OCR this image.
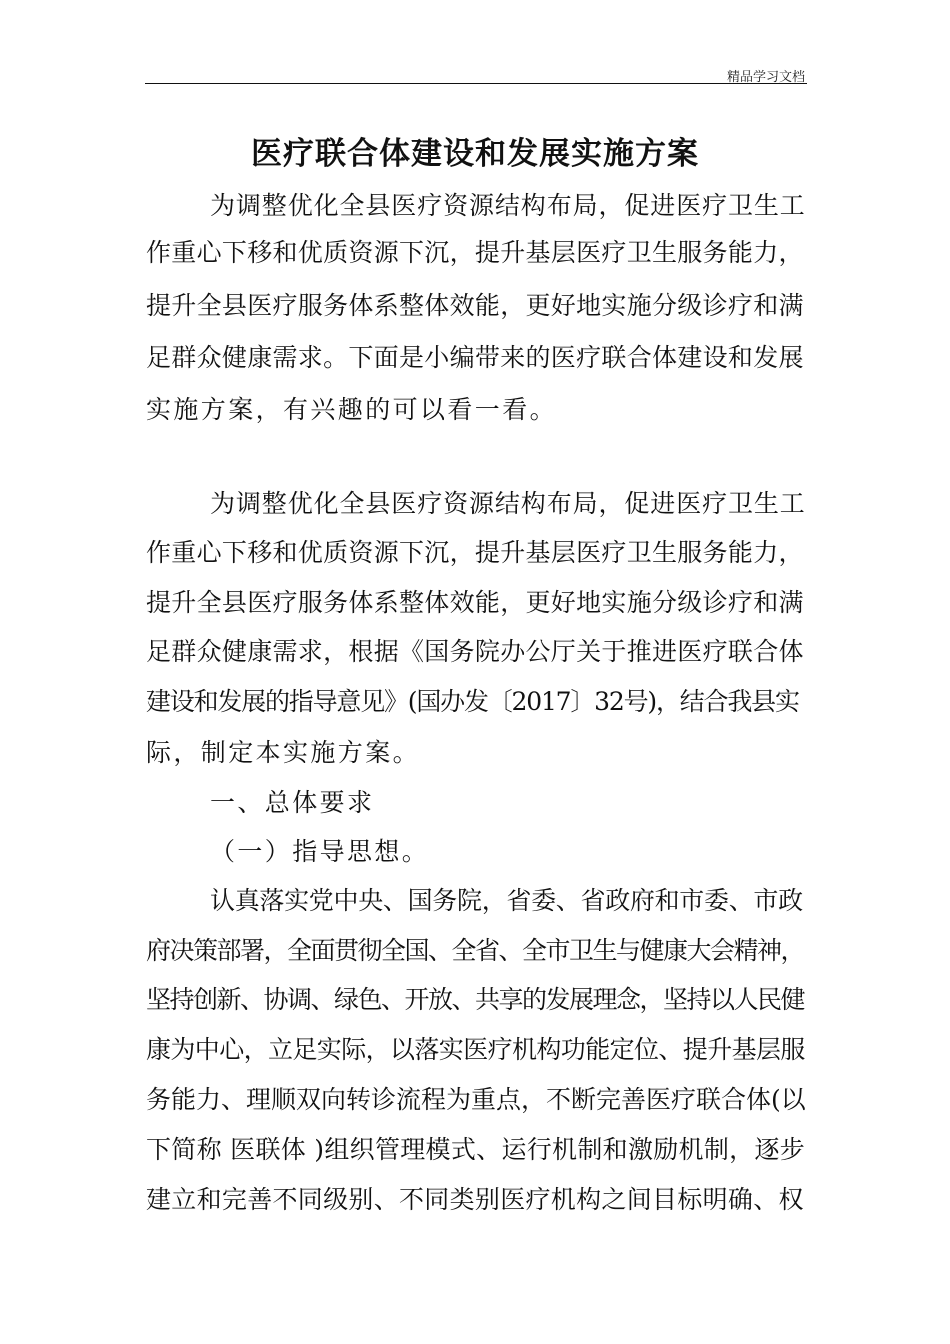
精品学习文档
医疗联合体建设和发展实施方案
为调整优化全县医疗资源结构布局，促进医疗卫生工
作重心下移和优质资源下沉，提升基层医疗卫生服务能力，
提升全县医疗服务体系整体效能，更好地实施分级诊疗和满
足群众健康需求。下面是小编带来的医疗联合体建设和发展
实施方案，有兴趣的可以看一看。
为调整优化全县医疗资源结构布局，促进医疗卫生工
作重心下移和优质资源下沉，提升基层医疗卫生服务能力，
提升全县医疗服务体系整体效能，更好地实施分级诊疗和满
足群众健康需求，根据《国务院办公厅关于推进医疗联合体
建设和发展的指导意见》(国办发〔2017〕32号)，结合我县实
际，制定本实施方案。
一、总体要求
（一）指导思想。
认真落实党中央、国务院，省委、省政府和市委、市政
府决策部署，全面贯彻全国、全省、全市卫生与健康大会精神，
坚持创新、协调、绿色、开放、共享的发展理念，坚持以人民健
康为中心，立足实际，以落实医疗机构功能定位、提升基层服
务能力、理顺双向转诊流程为重点，不断完善医疗联合体(以
下简称 医联体 )组织管理模式、运行机制和激励机制，逐步
建立和完善不同级别、不同类别医疗机构之间目标明确、权
